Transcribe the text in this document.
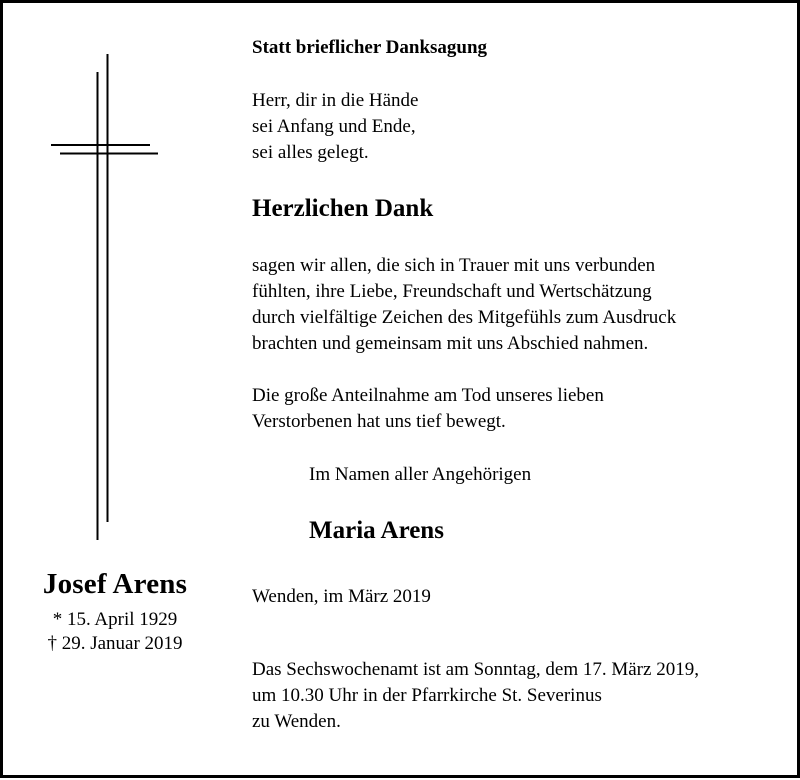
Josef Arens
* 15. April 1929
† 29. Januar 2019
Statt brieflicher Danksagung
Herr, dir in die Hände
sei Anfang und Ende,
sei alles gelegt.
Herzlichen Dank
sagen wir allen, die sich in Trauer mit uns verbunden
fühlten, ihre Liebe, Freundschaft und Wertschätzung
durch vielfältige Zeichen des Mitgefühls zum Ausdruck
brachten und gemeinsam mit uns Abschied nahmen.
Die große Anteilnahme am Tod unseres lieben
Verstorbenen hat uns tief bewegt.
Im Namen aller Angehörigen
Maria Arens
Wenden, im März 2019
Das Sechswochenamt ist am Sonntag, dem 17. März 2019,
um 10.30 Uhr in der Pfarrkirche St. Severinus
zu Wenden.
